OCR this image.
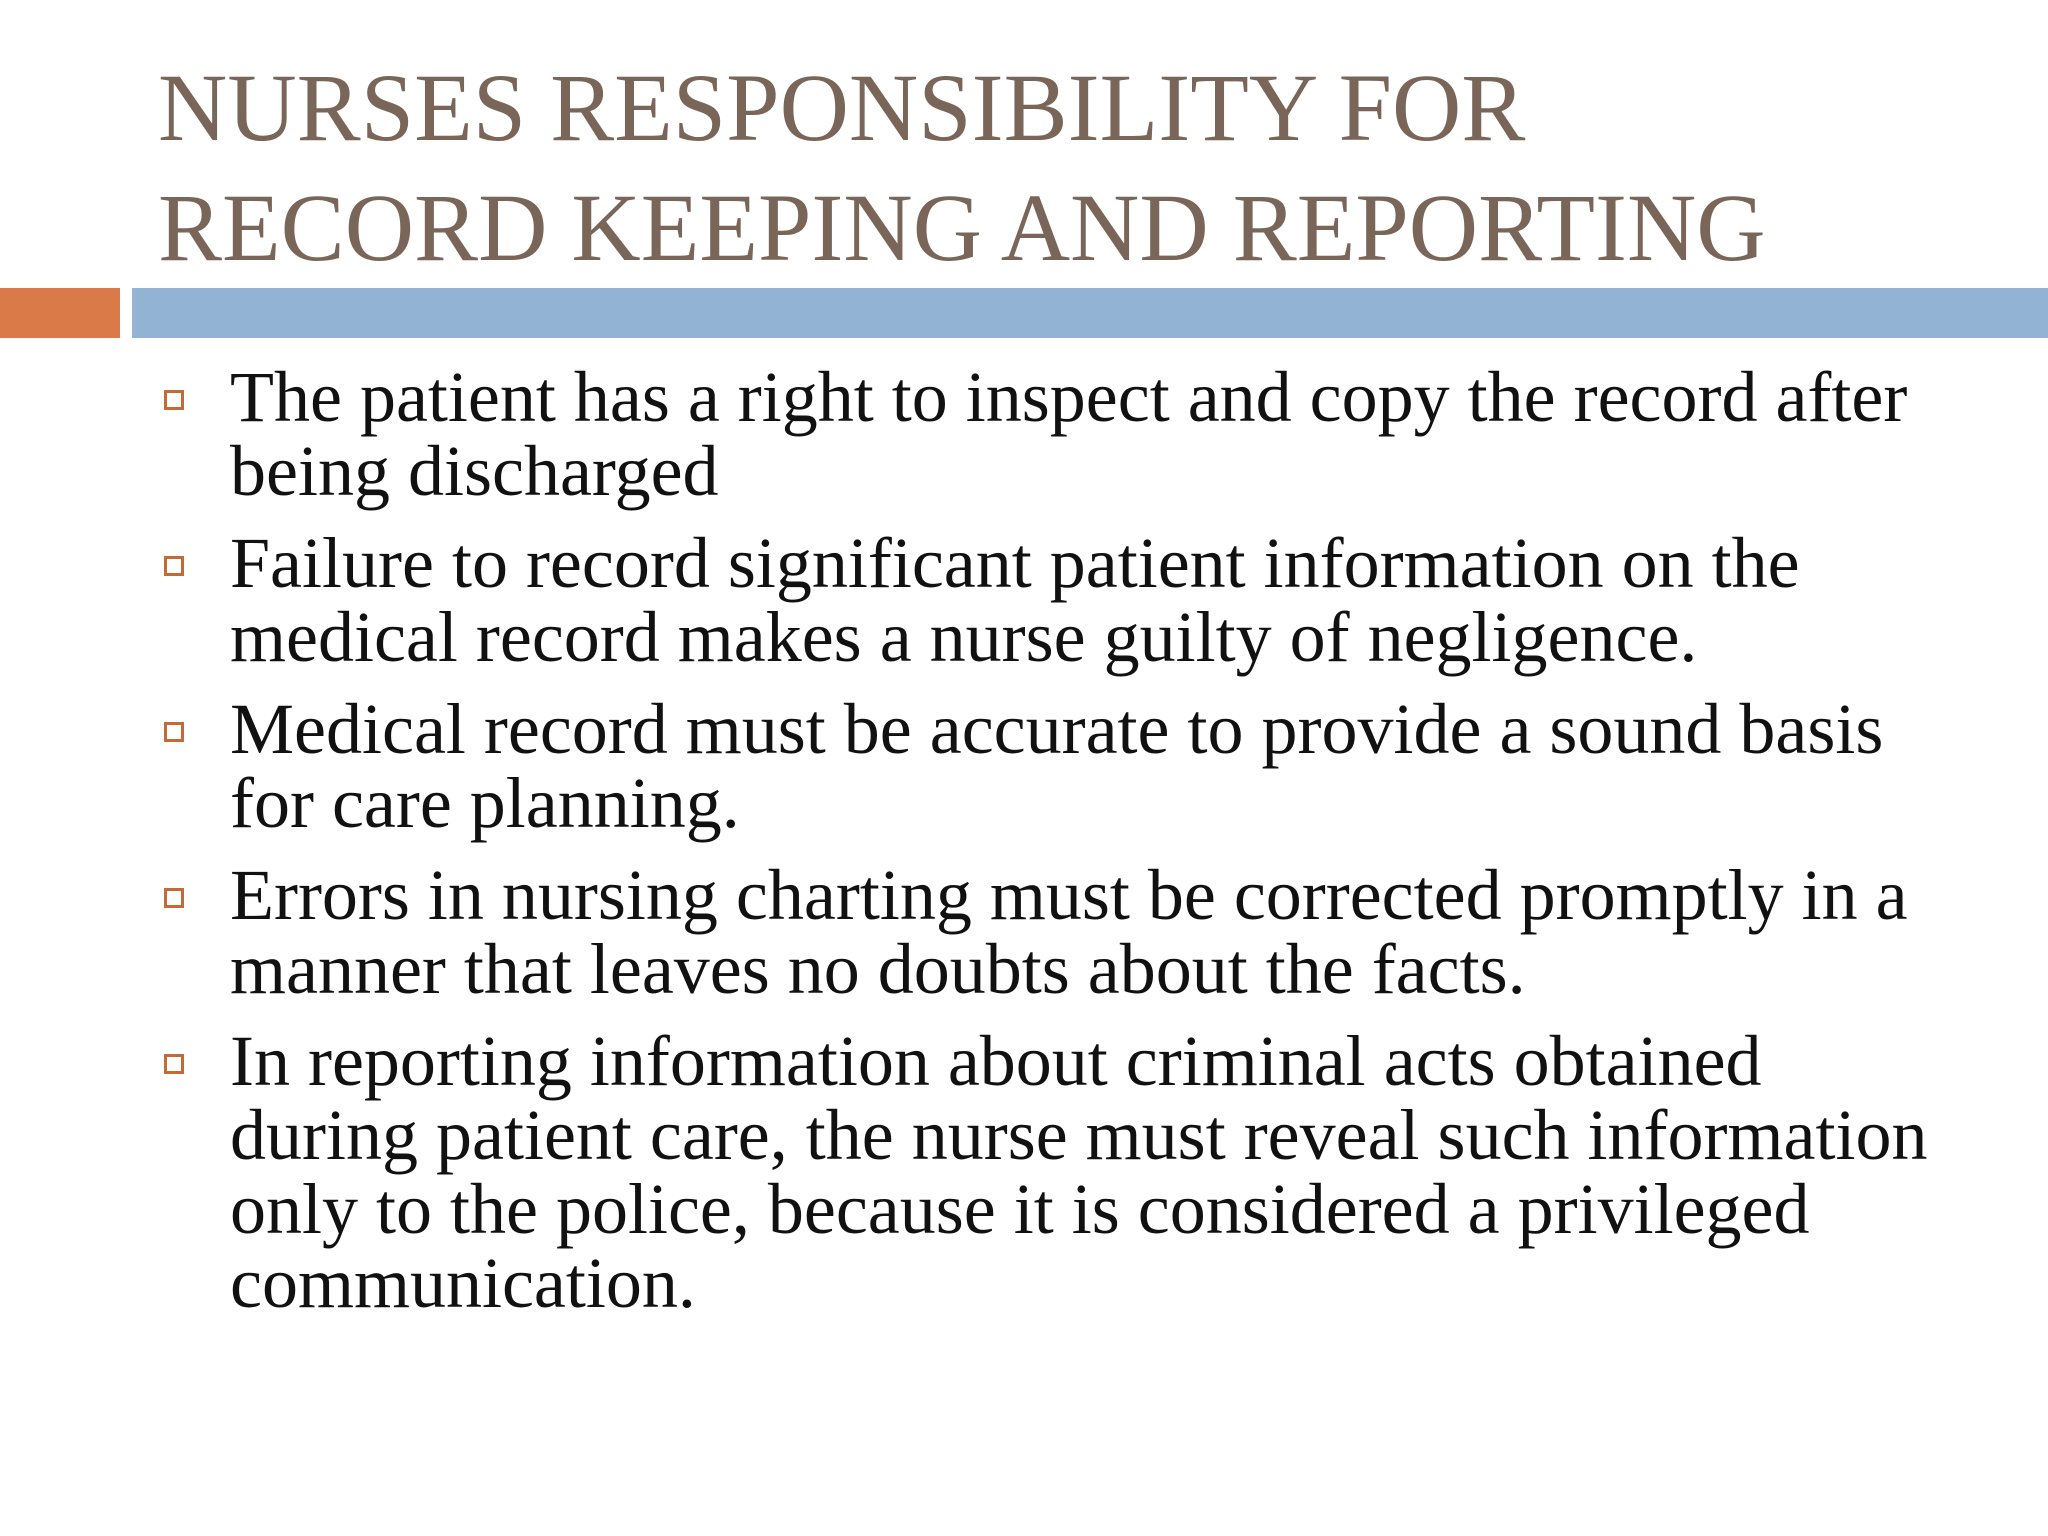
NURSES RESPONSIBILITY FOR
RECORD KEEPING AND REPORTING
The patient has a right to inspect and copy the record after being discharged
Failure to record significant patient information on the medical record makes a nurse guilty of negligence.
Medical record must be accurate to provide a sound basis for care planning.
Errors in nursing charting must be corrected promptly in a manner that leaves no doubts about the facts.
In reporting information about criminal acts obtained during patient care, the nurse must reveal such information only to the police, because it is considered a privileged communication.
